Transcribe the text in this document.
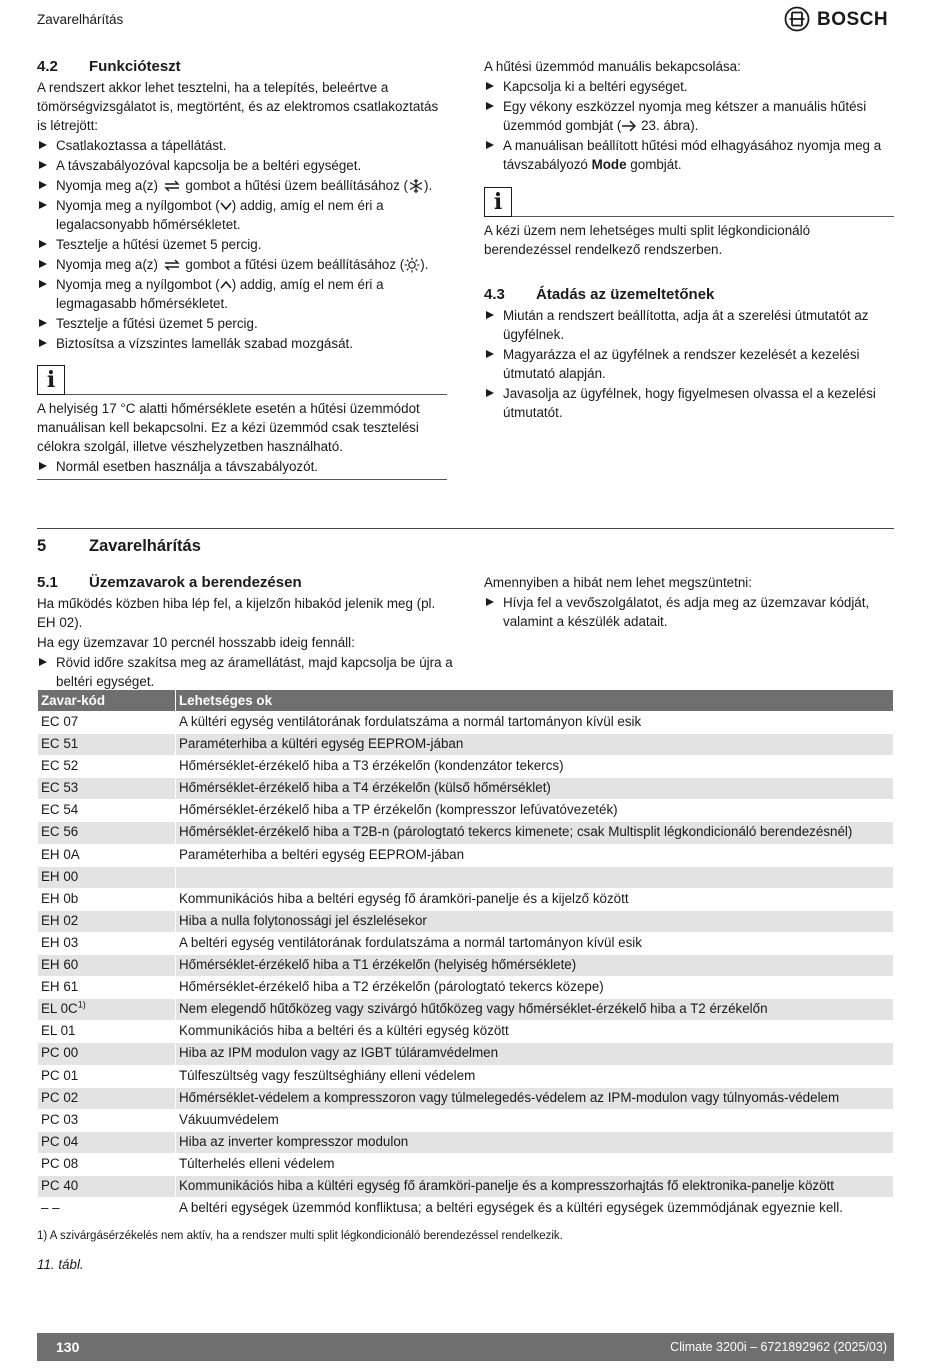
Zavarelhárítás	BOSCH
4.2	Funkcióteszt

A rendszert akkor lehet tesztelni, ha a telepítés, beleértve a tömörségvizsgálatot is, megtörtént, és az elektromos csatlakoztatás is létrejött:

Csatlakoztassa a tápellátást.
A távszabályozóval kapcsolja be a beltéri egységet.
Nyomja meg a(z) gombot a hűtési üzem beállításához ( ).
Nyomja meg a nyílgombot ( ) addig, amíg el nem éri a legalacsonyabb hőmérsékletet.
Tesztelje a hűtési üzemet 5 percig.
Nyomja meg a(z) gombot a fűtési üzem beállításához ( ).
Nyomja meg a nyílgombot ( ) addig, amíg el nem éri a legmagasabb hőmérsékletet.
Tesztelje a fűtési üzemet 5 percig.
Biztosítsa a vízszintes lamellák szabad mozgását.
i

A helyiség 17 °C alatti hőmérséklete esetén a hűtési üzemmódot manuálisan kell bekapcsolni. Ez a kézi üzemmód csak tesztelési célokra szolgál, illetve vészhelyzetben használható.

Normál esetben használja a távszabályozót.

A hűtési üzemmód manuális bekapcsolása:

Kapcsolja ki a beltéri egységet.
Egy vékony eszközzel nyomja meg kétszer a manuális hűtési üzemmód gombját ( 23. ábra).
A manuálisan beállított hűtési mód elhagyásához nyomja meg a távszabályozó Mode gombját.
i

A kézi üzem nem lehetséges multi split légkondicionáló berendezéssel rendelkező rendszerben.

4.3	Átadás az üzemeltetőnek
Miután a rendszert beállította, adja át a szerelési útmutatót az ügyfélnek.
Magyarázza el az ügyfélnek a rendszer kezelését a kezelési útmutató alapján.
Javasolja az ügyfélnek, hogy figyelmesen olvassa el a kezelési útmutatót.
5	Zavarelhárítás
5.1	Üzemzavarok a berendezésen

Ha működés közben hiba lép fel, a kijelzőn hibakód jelenik meg (pl. EH 02).

Ha egy üzemzavar 10 percnél hosszabb ideig fennáll:

Rövid időre szakítsa meg az áramellátást, majd kapcsolja be újra a beltéri egységet.

Amennyiben a hibát nem lehet megszüntetni:

Hívja fel a vevőszolgálatot, és adja meg az üzemzavar kódját, valamint a készülék adatait.
Zavar-kód	Lehetséges ok
EC 07	A kültéri egység ventilátorának fordulatszáma a normál tartományon kívül esik
EC 51	Paraméterhiba a kültéri egység EEPROM-jában
EC 52	Hőmérséklet-érzékelő hiba a T3 érzékelőn (kondenzátor tekercs)
EC 53	Hőmérséklet-érzékelő hiba a T4 érzékelőn (külső hőmérséklet)
EC 54	Hőmérséklet-érzékelő hiba a TP érzékelőn (kompresszor lefúvatóvezeték)
EC 56	Hőmérséklet-érzékelő hiba a T2B-n (párologtató tekercs kimenete; csak Multisplit légkondicionáló berendezésnél)
EH 0A	Paraméterhiba a beltéri egység EEPROM-jában
EH 00	
EH 0b	Kommunikációs hiba a beltéri egység fő áramköri-panelje és a kijelző között
EH 02	Hiba a nulla folytonossági jel észlelésekor
EH 03	A beltéri egység ventilátorának fordulatszáma a normál tartományon kívül esik
EH 60	Hőmérséklet-érzékelő hiba a T1 érzékelőn (helyiség hőmérséklete)
EH 61	Hőmérséklet-érzékelő hiba a T2 érzékelőn (párologtató tekercs közepe)
EL $0C^{1)}$	Nem elegendő hűtőközeg vagy szivárgó hűtőközeg vagy hőmérséklet-érzékelő hiba a T2 érzékelőn
EL 01	Kommunikációs hiba a beltéri és a kültéri egység között
PC 00	Hiba az IPM modulon vagy az IGBT túláramvédelmen
PC 01	Túlfeszültség vagy feszültséghiány elleni védelem
PC 02	Hőmérséklet-védelem a kompresszoron vagy túlmelegedés-védelem az IPM-modulon vagy túlnyomás-védelem
PC 03	Vákuumvédelem
PC 04	Hiba az inverter kompresszor modulon
PC 08	Túlterhelés elleni védelem
PC 40	Kommunikációs hiba a kültéri egység fő áramköri-panelje és a kompresszorhajtás fő elektronika-panelje között
– –	A beltéri egységek üzemmód konfliktusa; a beltéri egységek és a kültéri egységek üzemmódjának egyeznie kell.
1) A szivárgásérzékelés nem aktív, ha a rendszer multi split légkondicionáló berendezéssel rendelkezik.
11. tábl.
130	Climate 3200i – 6721892962 (2025/03)
